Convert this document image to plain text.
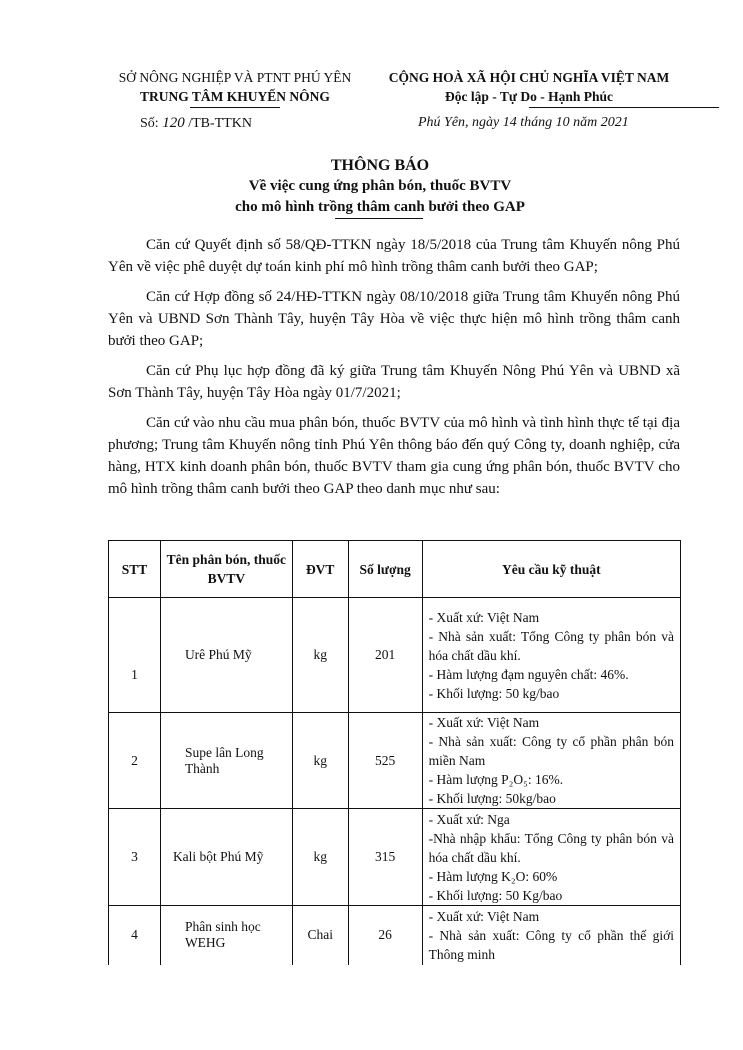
SỞ NÔNG NGHIỆP VÀ PTNT PHÚ YÊN
TRUNG TÂM KHUYẾN NÔNG
CỘNG HOÀ XÃ HỘI CHỦ NGHĨA VIỆT NAM
Độc lập - Tự Do - Hạnh Phúc
Số: 120 /TB-TTKN	Phú Yên, ngày 14 tháng 10 năm 2021
THÔNG BÁO
Về việc cung ứng phân bón, thuốc BVTV
cho mô hình trồng thâm canh bưởi theo GAP

Căn cứ Quyết định số 58/QĐ-TTKN ngày 18/5/2018 của Trung tâm Khuyến nông Phú Yên về việc phê duyệt dự toán kinh phí mô hình trồng thâm canh bưởi theo GAP;

Căn cứ Hợp đồng số 24/HĐ-TTKN ngày 08/10/2018 giữa Trung tâm Khuyến nông Phú Yên và UBND Sơn Thành Tây, huyện Tây Hòa về việc thực hiện mô hình trồng thâm canh bưởi theo GAP;

Căn cứ Phụ lục hợp đồng đã ký giữa Trung tâm Khuyến Nông Phú Yên và UBND xã Sơn Thành Tây, huyện Tây Hòa ngày 01/7/2021;

Căn cứ vào nhu cầu mua phân bón, thuốc BVTV của mô hình và tình hình thực tế tại địa phương; Trung tâm Khuyến nông tỉnh Phú Yên thông báo đến quý Công ty, doanh nghiệp, cửa hàng, HTX kinh doanh phân bón, thuốc BVTV tham gia cung ứng phân bón, thuốc BVTV cho mô hình trồng thâm canh bưởi theo GAP theo danh mục như sau:

STT	Tên phân bón, thuốc BVTV	ĐVT	Số lượng	Yêu cầu kỹ thuật
1	Urê Phú Mỹ	kg	201	- Xuất xứ: Việt Nam
- Nhà sản xuất: Tổng Công ty phân bón và hóa chất dầu khí.
- Hàm lượng đạm nguyên chất: 46%.
- Khối lượng: 50 kg/bao

2	Supe lân Long Thành	kg	525	- Xuất xứ: Việt Nam
- Nhà sản xuất: Công ty cổ phần phân bón miền Nam
- Hàm lượng P₂O₅: 16%.
- Khối lượng: 50kg/bao

3	Kali bột Phú Mỹ	kg	315	- Xuất xứ: Nga
-Nhà nhập khẩu: Tổng Công ty phân bón và hóa chất dầu khí.
- Hàm lượng K₂O: 60%
- Khối lượng: 50 Kg/bao

4	Phân sinh học WEHG	Chai	26	- Xuất xứ: Việt Nam
- Nhà sản xuất: Công ty cổ phần thế giới Thông minh
